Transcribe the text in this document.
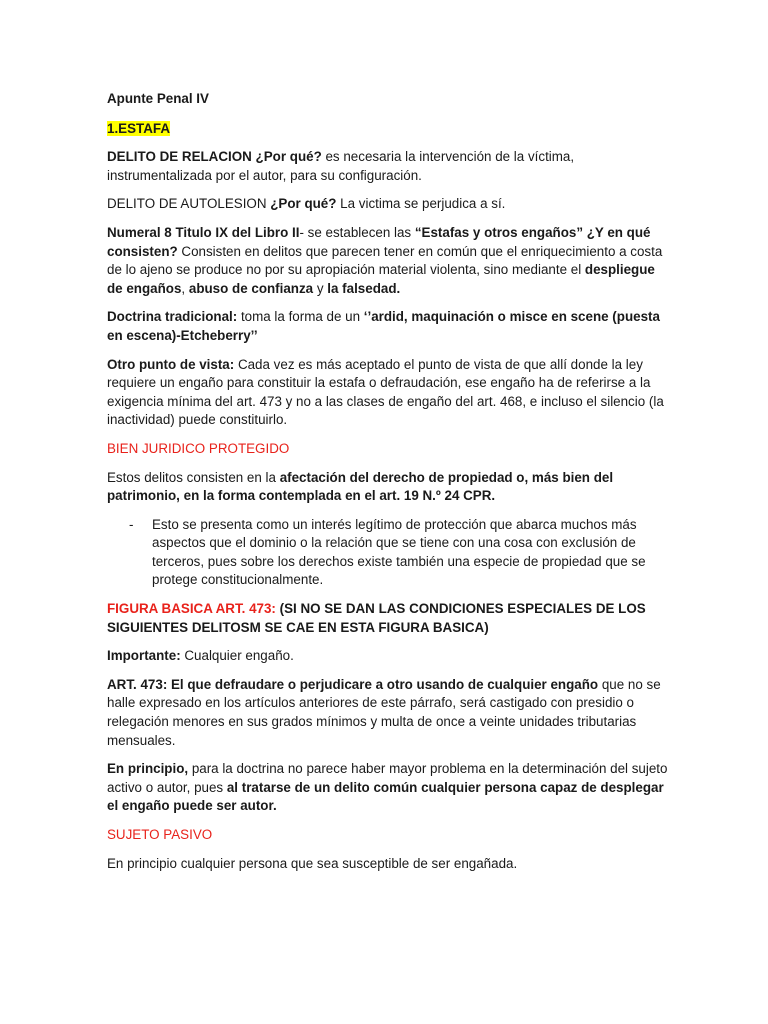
Apunte Penal IV

1.ESTAFA

DELITO DE RELACION ¿Por qué? es necesaria la intervención de la víctima, instrumentalizada por el autor, para su configuración.

DELITO DE AUTOLESION ¿Por qué? La victima se perjudica a sí.

Numeral 8 Titulo IX del Libro II- se establecen las “Estafas y otros engaños” ¿Y en qué consisten? Consisten en delitos que parecen tener en común que el enriquecimiento a costa de lo ajeno se produce no por su apropiación material violenta, sino mediante el despliegue de engaños, abuso de confianza y la falsedad.

Doctrina tradicional: toma la forma de un ‘’ardid, maquinación o misce en scene (puesta en escena)-Etcheberry’’

Otro punto de vista: Cada vez es más aceptado el punto de vista de que allí donde la ley requiere un engaño para constituir la estafa o defraudación, ese engaño ha de referirse a la exigencia mínima del art. 473 y no a las clases de engaño del art. 468, e incluso el silencio (la inactividad) puede constituirlo.

BIEN JURIDICO PROTEGIDO

Estos delitos consisten en la afectación del derecho de propiedad o, más bien del patrimonio, en la forma contemplada en el art. 19 N.º 24 CPR.

-	Esto se presenta como un interés legítimo de protección que abarca muchos más aspectos que el dominio o la relación que se tiene con una cosa con exclusión de terceros, pues sobre los derechos existe también una especie de propiedad que se protege constitucionalmente.

FIGURA BASICA ART. 473: (SI NO SE DAN LAS CONDICIONES ESPECIALES DE LOS SIGUIENTES DELITOSM SE CAE EN ESTA FIGURA BASICA)

Importante: Cualquier engaño.

ART. 473: El que defraudare o perjudicare a otro usando de cualquier engaño que no se halle expresado en los artículos anteriores de este párrafo, será castigado con presidio o relegación menores en sus grados mínimos y multa de once a veinte unidades tributarias mensuales.

En principio, para la doctrina no parece haber mayor problema en la determinación del sujeto activo o autor, pues al tratarse de un delito común cualquier persona capaz de desplegar el engaño puede ser autor.

SUJETO PASIVO

En principio cualquier persona que sea susceptible de ser engañada.
